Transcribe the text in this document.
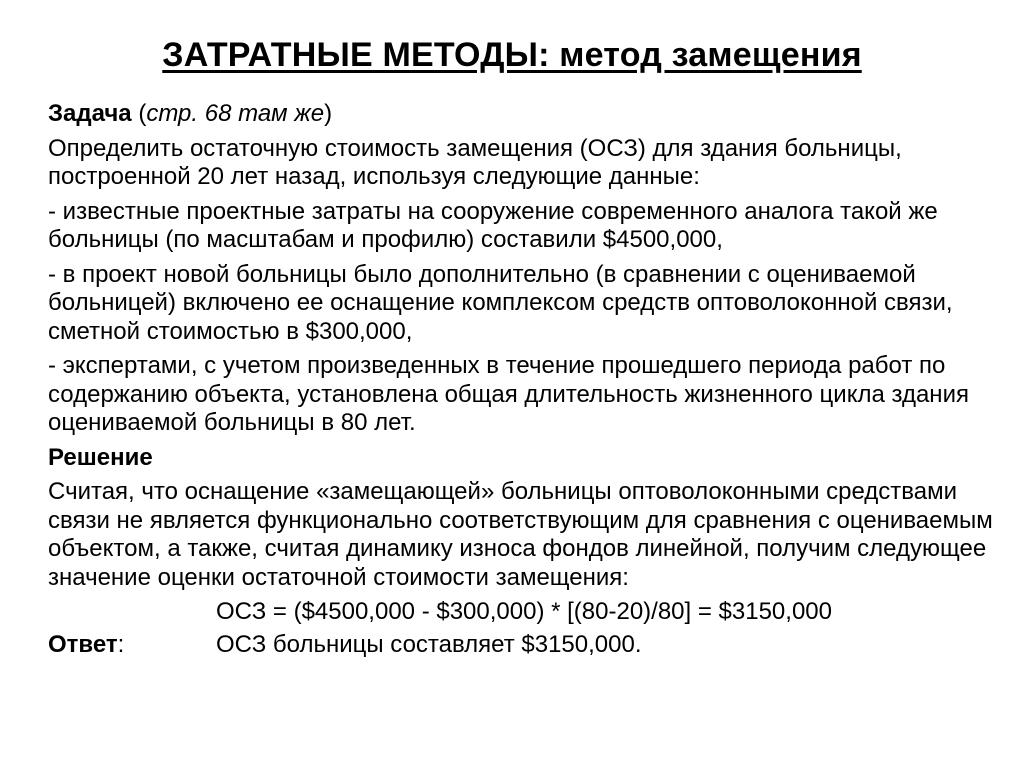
ЗАТРАТНЫЕ МЕТОДЫ: метод замещения

Задача (стр. 68 там же)

Определить остаточную стоимость замещения (ОСЗ) для здания больницы, построенной 20 лет назад, используя следующие данные:

- известные проектные затраты на сооружение современного аналога такой же больницы (по масштабам и профилю) составили $4500,000,

- в проект новой больницы было дополнительно (в сравнении с оцениваемой больницей) включено ее оснащение комплексом средств оптоволоконной связи, сметной стоимостью в $300,000,

- экспертами, с учетом произведенных в течение прошедшего периода работ по содержанию объекта, установлена общая длительность жизненного цикла здания оцениваемой больницы в 80 лет.

Решение

Считая, что оснащение «замещающей» больницы оптоволоконными средствами связи не является функционально соответствующим для сравнения с оцениваемым объектом, а также, считая динамику износа фондов линейной, получим следующее значение оценки остаточной стоимости замещения:

ОСЗ = ($4500,000 - $300,000) * [(80-20)/80] = $3150,000
Ответ:	ОСЗ больницы составляет $3150,000.
